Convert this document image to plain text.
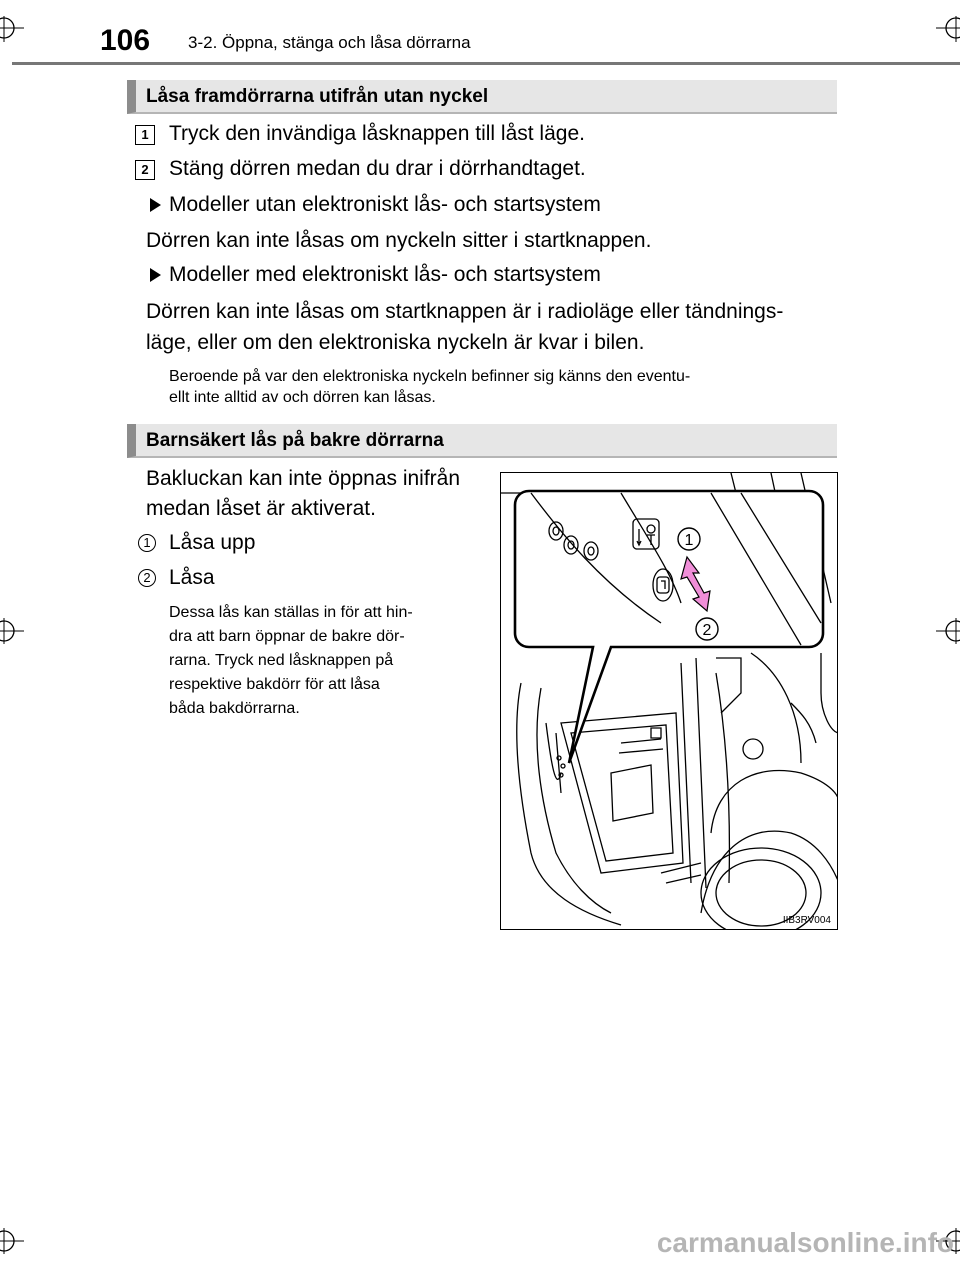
106 3-2. Öppna, stänga och låsa dörrarna
Låsa framdörrarna utifrån utan nyckel
1 Tryck den invändiga låsknappen till låst läge.
2 Stäng dörren medan du drar i dörrhandtaget.
Modeller utan elektroniskt lås- och startsystem
Dörren kan inte låsas om nyckeln sitter i startknappen.
Modeller med elektroniskt lås- och startsystem
Dörren kan inte låsas om startknappen är i radioläge eller tändnings-
läge, eller om den elektroniska nyckeln är kvar i bilen.
Beroende på var den elektroniska nyckeln befinner sig känns den eventu-
ellt inte alltid av och dörren kan låsas.
Barnsäkert lås på bakre dörrarna
Bakluckan kan inte öppnas inifrån
medan låset är aktiverat.
1 Låsa upp
2 Låsa
Dessa lås kan ställas in för att hin-
dra att barn öppnar de bakre dör-
rarna. Tryck ned låsknappen på
respektive bakdörr för att låsa
båda bakdörrarna.
1
2
IIB3RV004
carmanualsonline.info
